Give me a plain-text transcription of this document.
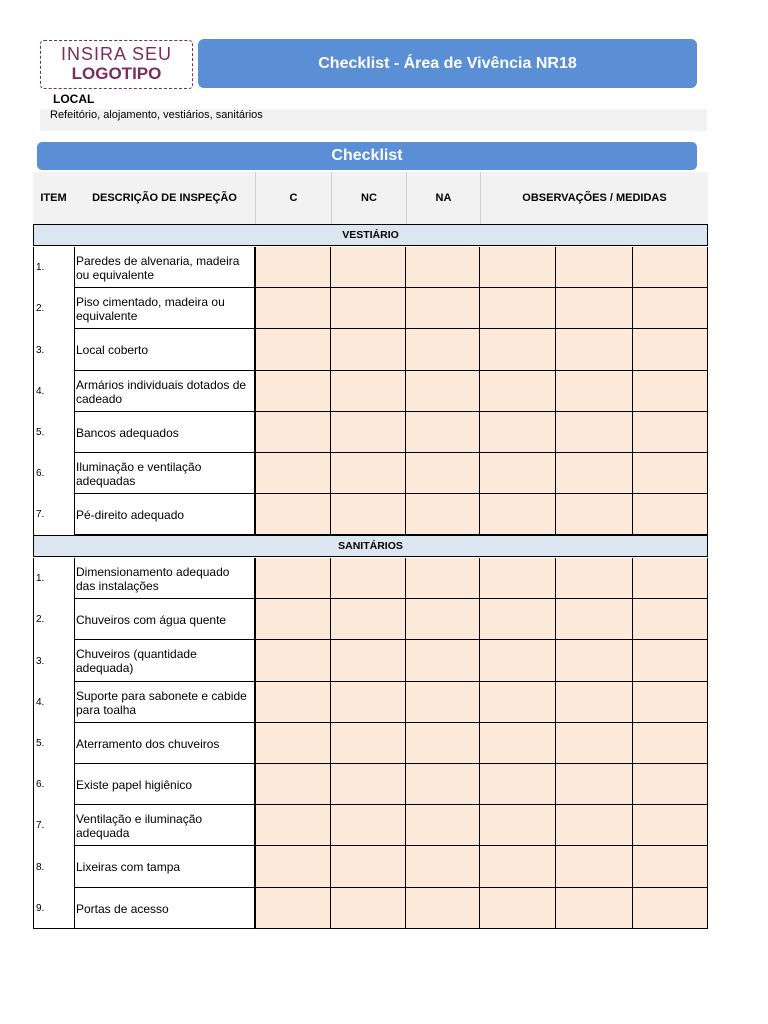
INSIRA SEU
LOGOTIPO
Checklist - Área de Vivência NR18
LOCAL
Refeitório, alojamento, vestiários, sanitários
Checklist
ITEM	DESCRIÇÃO DE INSPEÇÃO	C	NC	NA	OBSERVAÇÕES / MEDIDAS
VESTIÁRIO
1.	Paredes de alvenaria, madeira ou equivalente
2.	Piso cimentado, madeira ou equivalente
3.	Local coberto
4.	Armários individuais dotados de cadeado
5.	Bancos adequados
6.	Iluminação e ventilação adequadas
7.	Pé-direito adequado
SANITÁRIOS
1.	Dimensionamento adequado das instalações
2.	Chuveiros com água quente
3.	Chuveiros (quantidade adequada)
4.	Suporte para sabonete e cabide para toalha
5.	Aterramento dos chuveiros
6.	Existe papel higiênico
7.	Ventilação e iluminação adequada
8.	Lixeiras com tampa
9.	Portas de acesso
